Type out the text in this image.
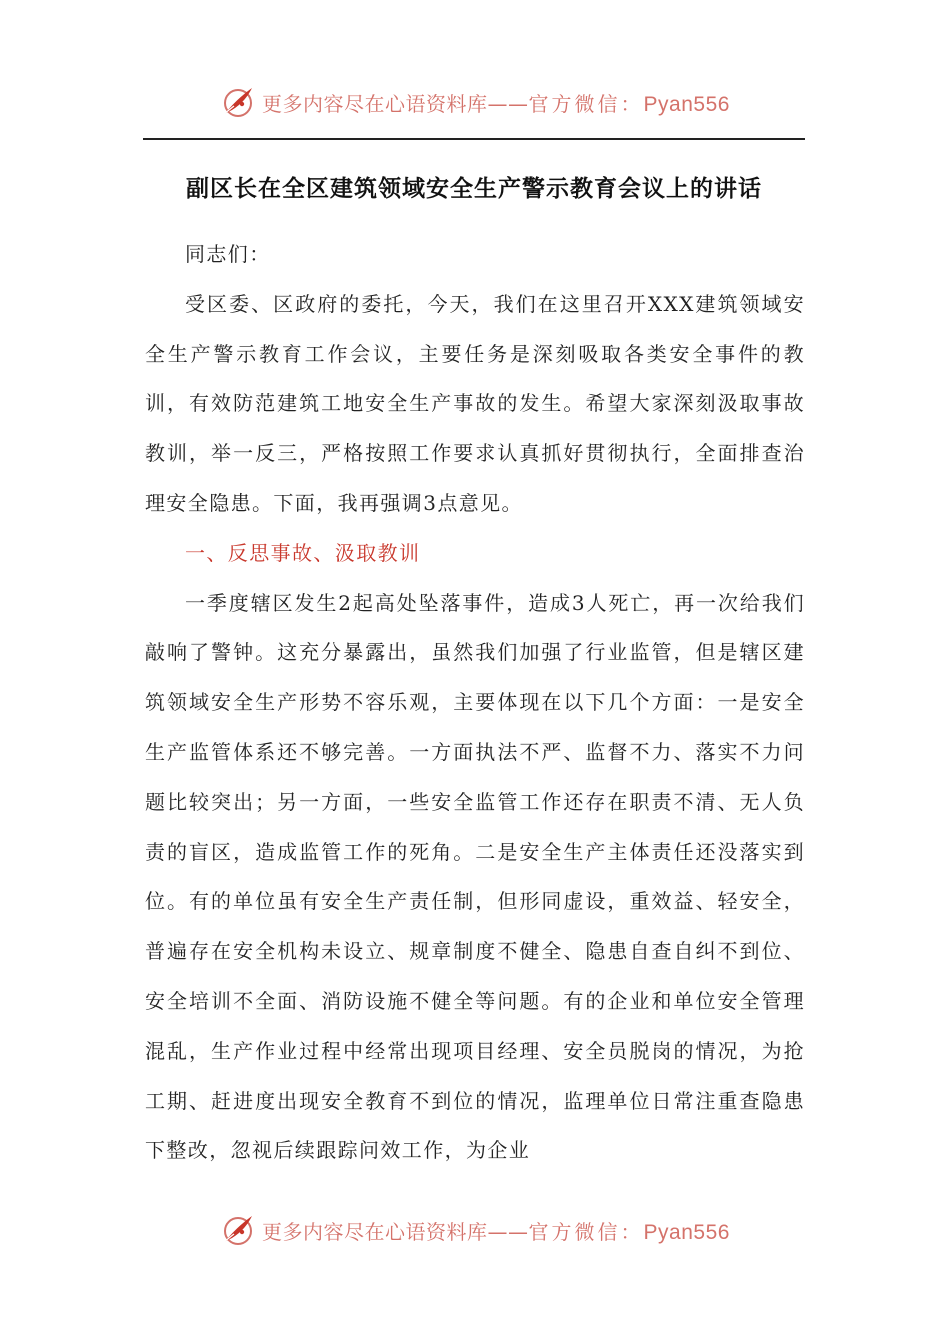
更多内容尽在心语资料库——官方微信：Pyan556
副区长在全区建筑领域安全生产警示教育会议上的讲话

同志们：

受区委、区政府的委托，今天，我们在这里召开XXX建筑领域安全生产警示教育工作会议，主要任务是深刻吸取各类安全事件的教训，有效防范建筑工地安全生产事故的发生。希望大家深刻汲取事故教训，举一反三，严格按照工作要求认真抓好贯彻执行，全面排查治理安全隐患。下面，我再强调3点意见。

一、反思事故、汲取教训

一季度辖区发生2起高处坠落事件，造成3人死亡，再一次给我们敲响了警钟。这充分暴露出，虽然我们加强了行业监管，但是辖区建筑领域安全生产形势不容乐观，主要体现在以下几个方面：一是安全生产监管体系还不够完善。一方面执法不严、监督不力、落实不力问题比较突出；另一方面，一些安全监管工作还存在职责不清、无人负责的盲区，造成监管工作的死角。二是安全生产主体责任还没落实到位。有的单位虽有安全生产责任制，但形同虚设，重效益、轻安全，普遍存在安全机构未设立、规章制度不健全、隐患自查自纠不到位、安全培训不全面、消防设施不健全等问题。有的企业和单位安全管理混乱，生产作业过程中经常出现项目经理、安全员脱岗的情况，为抢工期、赶进度出现安全教育不到位的情况，监理单位日常注重查隐患下整改，忽视后续跟踪问效工作，为企业

更多内容尽在心语资料库——官方微信：Pyan556
